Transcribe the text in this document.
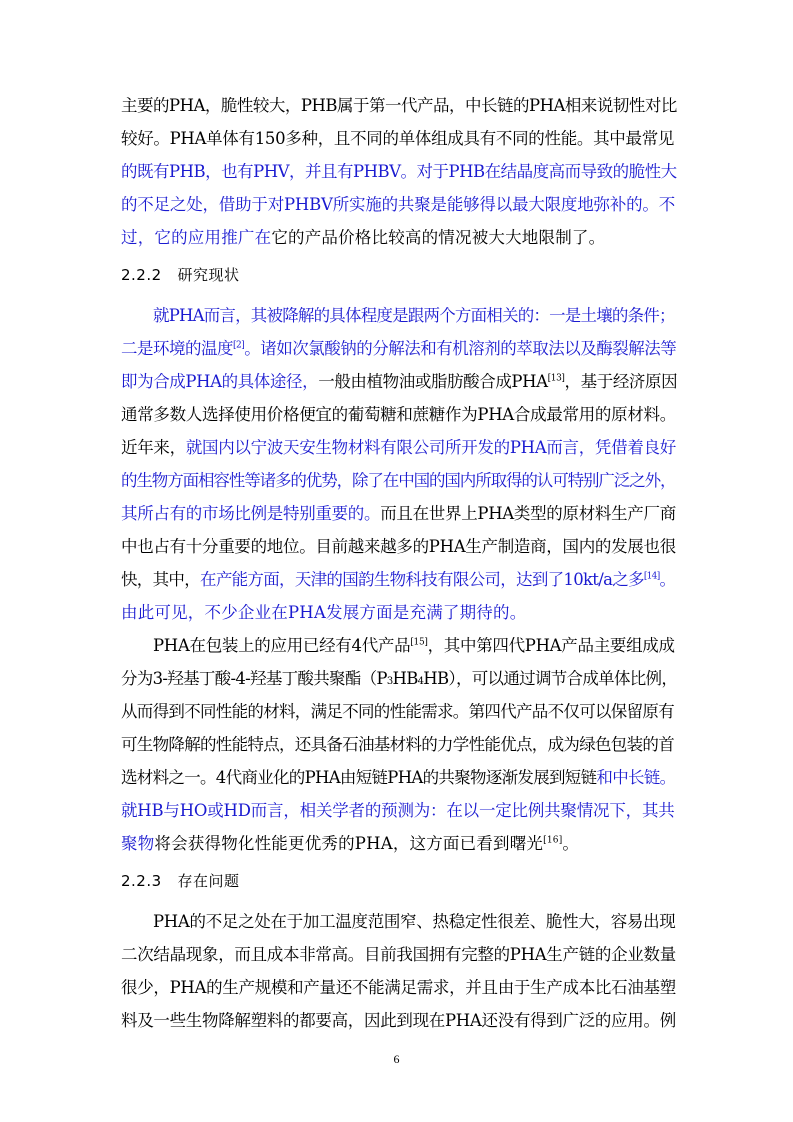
主要的PHA，脆性较大，PHB属于第一代产品，中长链的PHA相来说韧性对比
较好。PHA单体有150多种，且不同的单体组成具有不同的性能。其中最常见
的既有PHB，也有PHV，并且有PHBV。对于PHB在结晶度高而导致的脆性大
的不足之处，借助于对PHBV所实施的共聚是能够得以最大限度地弥补的。不
过，它的应用推广在它的产品价格比较高的情况被大大地限制了。
2.2.2 研究现状
就PHA而言，其被降解的具体程度是跟两个方面相关的：一是土壤的条件；
二是环境的温度[2]。诸如次氯酸钠的分解法和有机溶剂的萃取法以及酶裂解法等
即为合成PHA的具体途径，一般由植物油或脂肪酸合成PHA[13]，基于经济原因
通常多数人选择使用价格便宜的葡萄糖和蔗糖作为PHA合成最常用的原材料。
近年来，就国内以宁波天安生物材料有限公司所开发的PHA而言，凭借着良好
的生物方面相容性等诸多的优势，除了在中国的国内所取得的认可特别广泛之外，
其所占有的市场比例是特别重要的。而且在世界上PHA类型的原材料生产厂商
中也占有十分重要的地位。目前越来越多的PHA生产制造商，国内的发展也很
快，其中，在产能方面，天津的国韵生物科技有限公司，达到了10kt/a之多[14]。
由此可见，不少企业在PHA发展方面是充满了期待的。
PHA在包装上的应用已经有4代产品[15]，其中第四代PHA产品主要组成成
分为3-羟基丁酸-4-羟基丁酸共聚酯（P3HB4HB），可以通过调节合成单体比例，
从而得到不同性能的材料，满足不同的性能需求。第四代产品不仅可以保留原有
可生物降解的性能特点，还具备石油基材料的力学性能优点，成为绿色包装的首
选材料之一。4代商业化的PHA由短链PHA的共聚物逐渐发展到短链和中长链。
就HB与HO或HD而言，相关学者的预测为：在以一定比例共聚情况下，其共
聚物将会获得物化性能更优秀的PHA，这方面已看到曙光[16]。
2.2.3 存在问题
PHA的不足之处在于加工温度范围窄、热稳定性很差、脆性大，容易出现
二次结晶现象，而且成本非常高。目前我国拥有完整的PHA生产链的企业数量
很少，PHA的生产规模和产量还不能满足需求，并且由于生产成本比石油基塑
料及一些生物降解塑料的都要高，因此到现在PHA还没有得到广泛的应用。例
6
